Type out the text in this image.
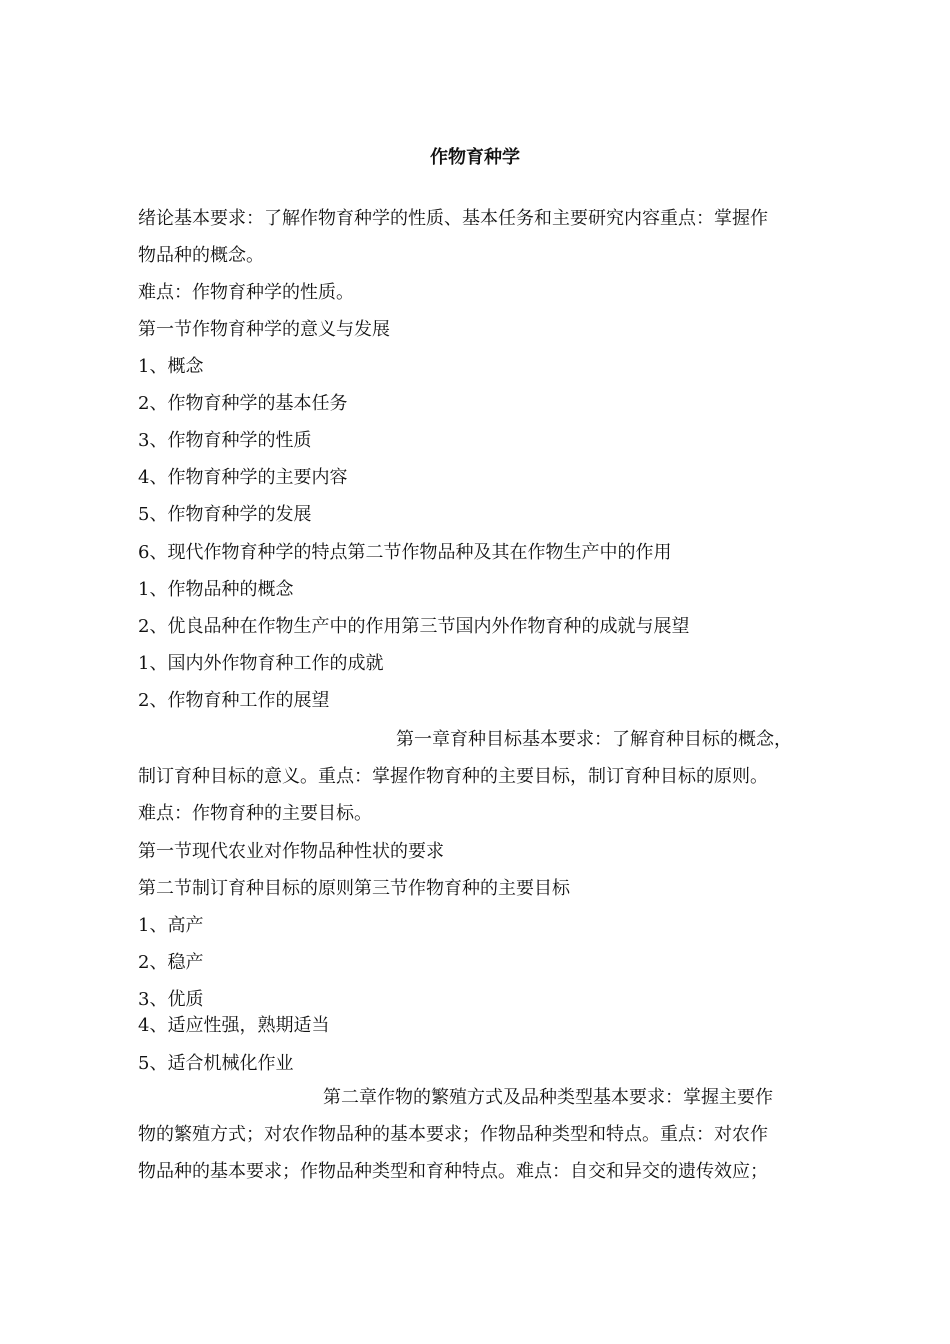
作物育种学

绪论基本要求：了解作物育种学的性质、基本任务和主要研究内容重点：掌握作

物品种的概念。

难点：作物育种学的性质。

第一节作物育种学的意义与发展

1、概念

2、作物育种学的基本任务

3、作物育种学的性质

4、作物育种学的主要内容

5、作物育种学的发展

6、现代作物育种学的特点第二节作物品种及其在作物生产中的作用

1、作物品种的概念

2、优良品种在作物生产中的作用第三节国内外作物育种的成就与展望

1、国内外作物育种工作的成就

2、作物育种工作的展望

第一章育种目标基本要求：了解育种目标的概念，

制订育种目标的意义。重点：掌握作物育种的主要目标，制订育种目标的原则。

难点：作物育种的主要目标。

第一节现代农业对作物品种性状的要求

第二节制订育种目标的原则第三节作物育种的主要目标

1、高产

2、稳产

3、优质

4、适应性强，熟期适当

5、适合机械化作业

第二章作物的繁殖方式及品种类型基本要求：掌握主要作

物的繁殖方式；对农作物品种的基本要求；作物品种类型和特点。重点：对农作

物品种的基本要求；作物品种类型和育种特点。难点：自交和异交的遗传效应；
